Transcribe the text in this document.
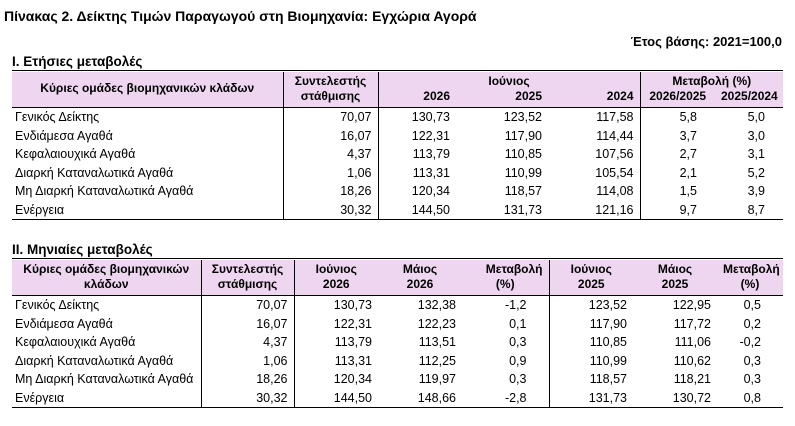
Πίνακας 2. Δείκτης Τιμών Παραγωγού στη Βιομηχανία: Εγχώρια Αγορά
Έτος βάσης: 2021=100,0
I. Ετήσιες μεταβολές
Κύριες ομάδες βιομηχανικών κλάδων	Συντελεστής	Ιούνιος			Μεταβολή (%)	
	στάθμισης	2026	2025	2024	2026/2025	2025/2024
Γενικός Δείκτης	70,07	130,73	123,52	117,58	5,8	5,0
Ενδιάμεσα Αγαθά	16,07	122,31	117,90	114,44	3,7	3,0
Κεφαλαιουχικά Αγαθά	4,37	113,79	110,85	107,56	2,7	3,1
Διαρκή Καταναλωτικά Αγαθά	1,06	113,31	110,99	105,54	2,1	5,2
Μη Διαρκή Καταναλωτικά Αγαθά	18,26	120,34	118,57	114,08	1,5	3,9
Ενέργεια	30,32	144,50	131,73	121,16	9,7	8,7
II. Μηνιαίες μεταβολές
Κύριες ομάδες βιομηχανικών	Συντελεστής	Ιούνιος	Μάιος	Μεταβολή	Ιούνιος	Μάιος	Μεταβολή
κλάδων	στάθμισης	2026	2026	(%)	2025	2025	(%)
Γενικός Δείκτης	70,07	130,73	132,38	-1,2	123,52	122,95	0,5
Ενδιάμεσα Αγαθά	16,07	122,31	122,23	0,1	117,90	117,72	0,2
Κεφαλαιουχικά Αγαθά	4,37	113,79	113,51	0,3	110,85	111,06	-0,2
Διαρκή Καταναλωτικά Αγαθά	1,06	113,31	112,25	0,9	110,99	110,62	0,3
Μη Διαρκή Καταναλωτικά Αγαθά	18,26	120,34	119,97	0,3	118,57	118,21	0,3
Ενέργεια	30,32	144,50	148,66	-2,8	131,73	130,72	0,8
